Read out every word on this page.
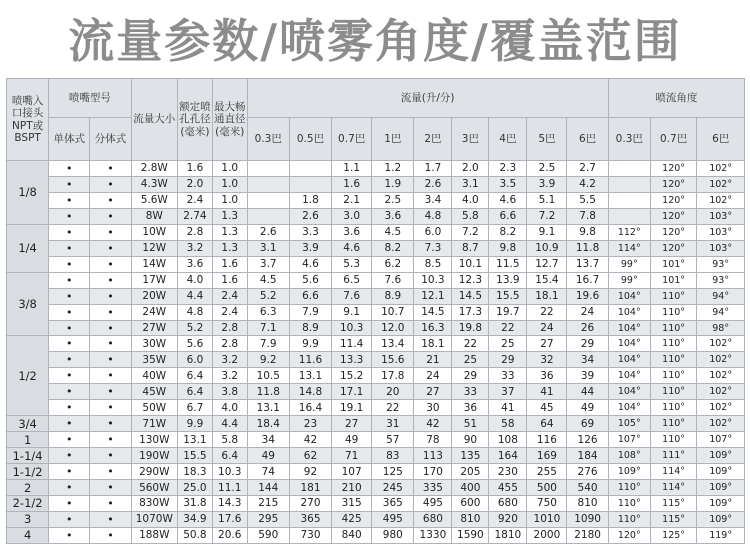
流量参数/喷雾角度/覆盖范围
喷嘴入口接头NPT或BSPT	喷嘴型号		流量大小	额定喷孔孔径(毫米)	最大畅通直径(毫米)	流量(升/分)									喷流角度		
	单体式	分体式				0.3巴	0.5巴	0.7巴	1巴	2巴	3巴	4巴	5巴	6巴	0.3巴	0.7巴	6巴
1/8	•	•	2.8W	1.6	1.0			1.1	1.2	1.7	2.0	2.3	2.5	2.7		120°	102°
	•	•	4.3W	2.0	1.0			1.6	1.9	2.6	3.1	3.5	3.9	4.2		120°	102°
	•	•	5.6W	2.4	1.0		1.8	2.1	2.5	3.4	4.0	4.6	5.1	5.5		120°	102°
	•	•	8W	2.74	1.3		2.6	3.0	3.6	4.8	5.8	6.6	7.2	7.8		120°	103°
1/4	•	•	10W	2.8	1.3	2.6	3.3	3.6	4.5	6.0	7.2	8.2	9.1	9.8	112°	120°	103°
	•	•	12W	3.2	1.3	3.1	3.9	4.6	8.2	7.3	8.7	9.8	10.9	11.8	114°	120°	103°
	•	•	14W	3.6	1.6	3.7	4.6	5.3	6.2	8.5	10.1	11.5	12.7	13.7	99°	101°	93°
3/8	•	•	17W	4.0	1.6	4.5	5.6	6.5	7.6	10.3	12.3	13.9	15.4	16.7	99°	101°	93°
	•	•	20W	4.4	2.4	5.2	6.6	7.6	8.9	12.1	14.5	15.5	18.1	19.6	104°	110°	94°
	•	•	24W	4.8	2.4	6.3	7.9	9.1	10.7	14.5	17.3	19.7	22	24	104°	110°	94°
	•	•	27W	5.2	2.8	7.1	8.9	10.3	12.0	16.3	19.8	22	24	26	104°	110°	98°
1/2	•	•	30W	5.6	2.8	7.9	9.9	11.4	13.4	18.1	22	25	27	29	104°	110°	102°
	•	•	35W	6.0	3.2	9.2	11.6	13.3	15.6	21	25	29	32	34	104°	110°	102°
	•	•	40W	6.4	3.2	10.5	13.1	15.2	17.8	24	29	33	36	39	104°	110°	102°
	•	•	45W	6.4	3.8	11.8	14.8	17.1	20	27	33	37	41	44	104°	110°	102°
	•	•	50W	6.7	4.0	13.1	16.4	19.1	22	30	36	41	45	49	104°	110°	102°
3/4	•	•	71W	9.9	4.4	18.4	23	27	31	42	51	58	64	69	105°	110°	102°
1	•	•	130W	13.1	5.8	34	42	49	57	78	90	108	116	126	107°	110°	107°
1-1/4	•	•	190W	15.5	6.4	49	62	71	83	113	135	164	169	184	108°	111°	109°
1-1/2	•	•	290W	18.3	10.3	74	92	107	125	170	205	230	255	276	109°	114°	109°
2	•	•	560W	25.0	11.1	144	181	210	245	335	400	455	500	540	110°	114°	109°
2-1/2	•	•	830W	31.8	14.3	215	270	315	365	495	600	680	750	810	110°	115°	109°
3	•	•	1070W	34.9	17.6	295	365	425	495	680	810	920	1010	1090	110°	115°	109°
4	•	•	188W	50.8	20.6	590	730	840	980	1330	1590	1810	2000	2180	120°	125°	119°
